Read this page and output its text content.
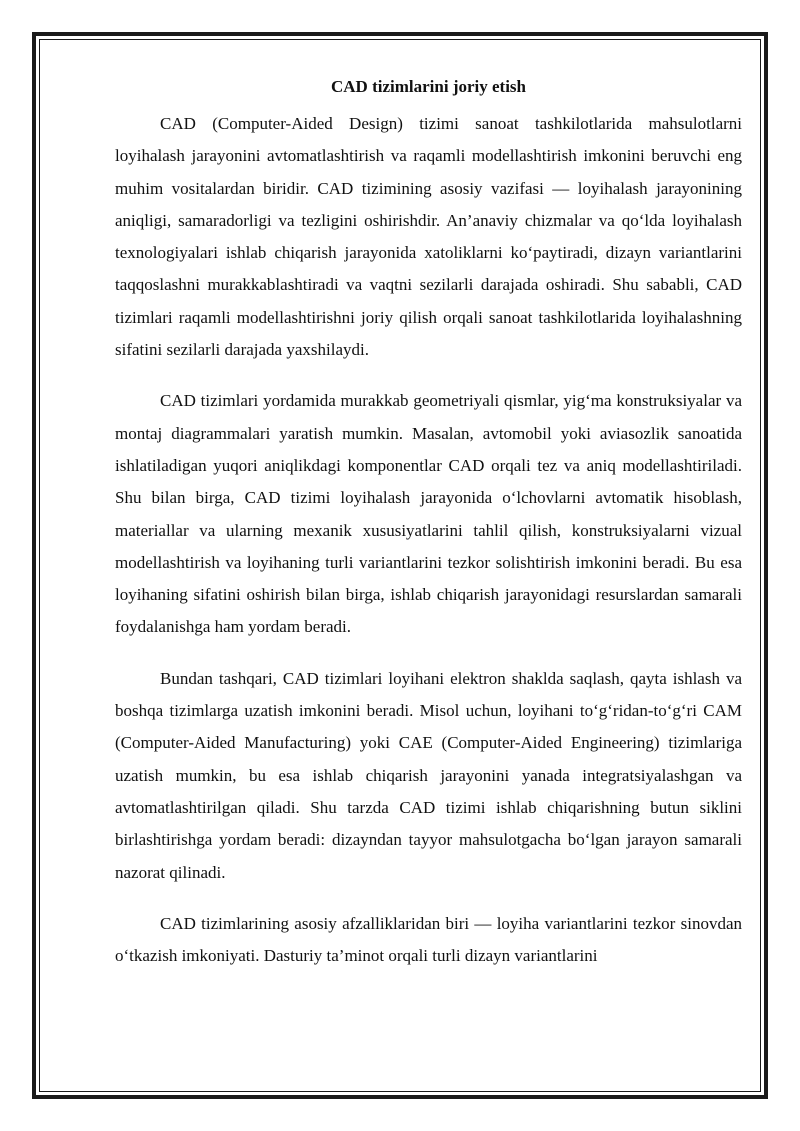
CAD tizimlarini joriy etish

CAD (Computer-Aided Design) tizimi sanoat tashkilotlarida mahsulotlarni loyihalash jarayonini avtomatlashtirish va raqamli modellashtirish imkonini beruvchi eng muhim vositalardan biridir. CAD tizimining asosiy vazifasi — loyihalash jarayonining aniqligi, samaradorligi va tezligini oshirishdir. An’anaviy chizmalar va qo‘lda loyihalash texnologiyalari ishlab chiqarish jarayonida xatoliklarni ko‘paytiradi, dizayn variantlarini taqqoslashni murakkablashtiradi va vaqtni sezilarli darajada oshiradi. Shu sababli, CAD tizimlari raqamli modellashtirishni joriy qilish orqali sanoat tashkilotlarida loyihalashning sifatini sezilarli darajada yaxshilaydi.

CAD tizimlari yordamida murakkab geometriyali qismlar, yig‘ma konstruksiyalar va montaj diagrammalari yaratish mumkin. Masalan, avtomobil yoki aviasozlik sanoatida ishlatiladigan yuqori aniqlikdagi komponentlar CAD orqali tez va aniq modellashtiriladi. Shu bilan birga, CAD tizimi loyihalash jarayonida o‘lchovlarni avtomatik hisoblash, materiallar va ularning mexanik xususiyatlarini tahlil qilish, konstruksiyalarni vizual modellashtirish va loyihaning turli variantlarini tezkor solishtirish imkonini beradi. Bu esa loyihaning sifatini oshirish bilan birga, ishlab chiqarish jarayonidagi resurslardan samarali foydalanishga ham yordam beradi.

Bundan tashqari, CAD tizimlari loyihani elektron shaklda saqlash, qayta ishlash va boshqa tizimlarga uzatish imkonini beradi. Misol uchun, loyihani to‘g‘ridan-to‘g‘ri CAM (Computer-Aided Manufacturing) yoki CAE (Computer-Aided Engineering) tizimlariga uzatish mumkin, bu esa ishlab chiqarish jarayonini yanada integratsiyalashgan va avtomatlashtirilgan qiladi. Shu tarzda CAD tizimi ishlab chiqarishning butun siklini birlashtirishga yordam beradi: dizayndan tayyor mahsulotgacha bo‘lgan jarayon samarali nazorat qilinadi.

CAD tizimlarining asosiy afzalliklaridan biri — loyiha variantlarini tezkor sinovdan o‘tkazish imkoniyati. Dasturiy ta’minot orqali turli dizayn variantlarini
